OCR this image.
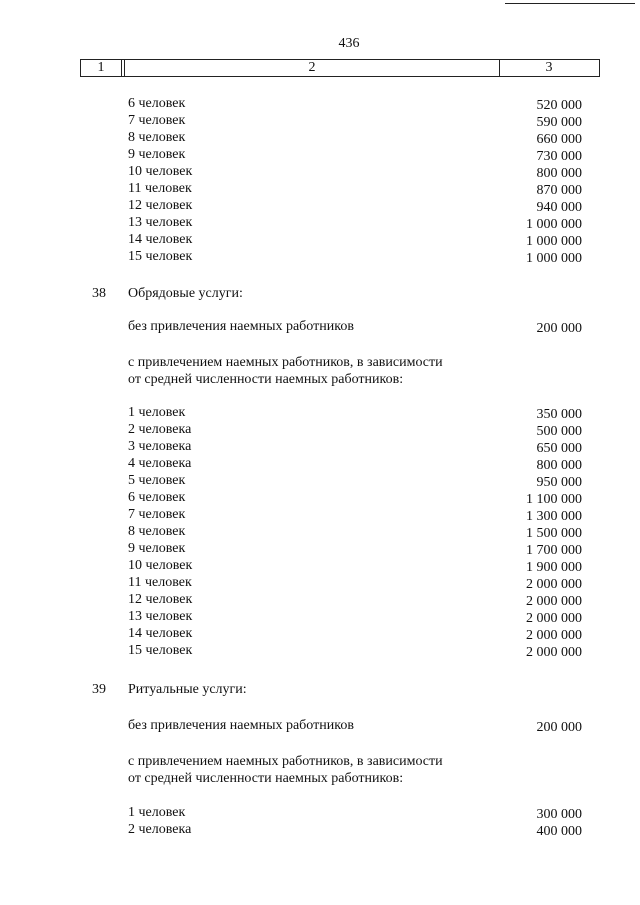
436
1	2	3
6 человек	520 000
7 человек	590 000
8 человек	660 000
9 человек	730 000
10 человек	800 000
11 человек	870 000
12 человек	940 000
13 человек	1 000 000
14 человек	1 000 000
15 человек	1 000 000
38 Обрядовые услуги:
без привлечения наемных работников	200 000
с привлечением наемных работников, в зависимости
от средней численности наемных работников:
1 человек	350 000
2 человека	500 000
3 человека	650 000
4 человека	800 000
5 человек	950 000
6 человек	1 100 000
7 человек	1 300 000
8 человек	1 500 000
9 человек	1 700 000
10 человек	1 900 000
11 человек	2 000 000
12 человек	2 000 000
13 человек	2 000 000
14 человек	2 000 000
15 человек	2 000 000
39 Ритуальные услуги:
без привлечения наемных работников	200 000
с привлечением наемных работников, в зависимости
от средней численности наемных работников:
1 человек	300 000
2 человека	400 000
